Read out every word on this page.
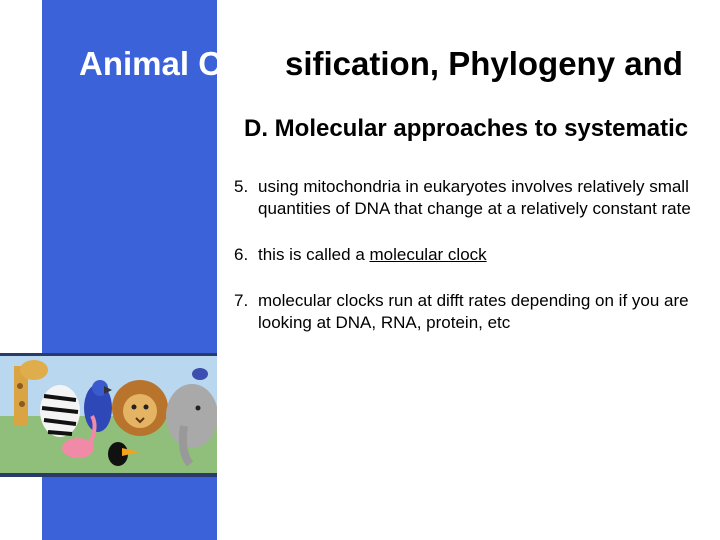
Animal C sification, Phylogeny and
D. Molecular approaches to systematic
5. using mitochondria in eukaryotes involves relatively small quantities of DNA that change at a relatively constant rate
6. this is called a molecular clock
7. molecular clocks run at difft rates depending on if you are looking at DNA, RNA, protein, etc
